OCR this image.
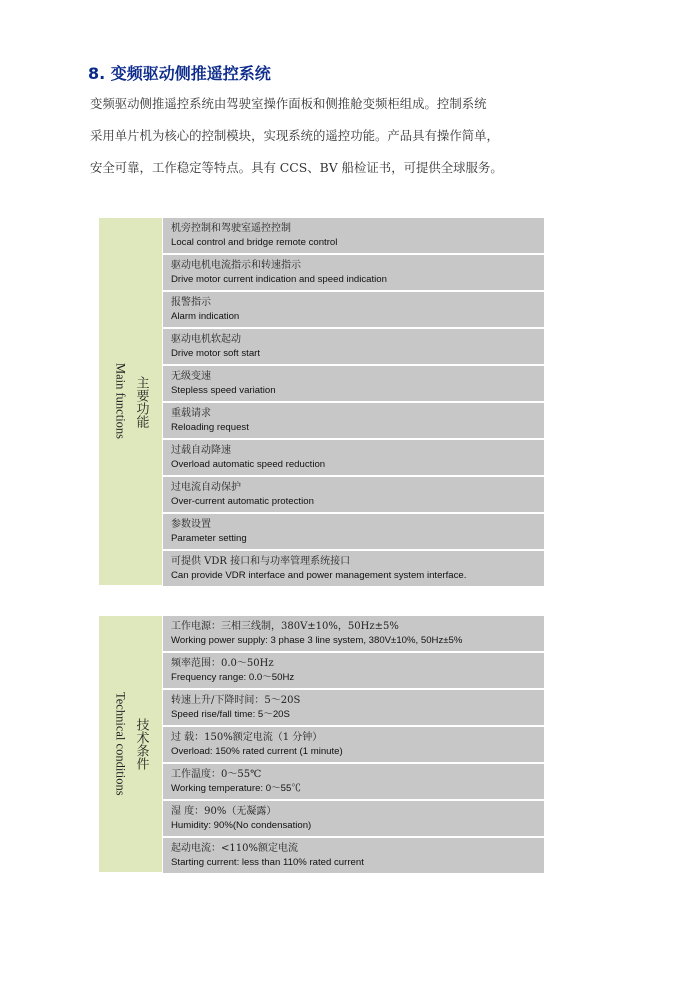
8. 变频驱动侧推遥控系统

变频驱动侧推遥控系统由驾驶室操作面板和侧推舱变频柜组成。控制系统

采用单片机为核心的控制模块，实现系统的遥控功能。产品具有操作简单，

安全可靠，工作稳定等特点。具有 CCS、BV 船检证书，可提供全球服务。

主要功能
Main functions
机旁控制和驾驶室遥控控制
Local control and bridge remote control
驱动电机电流指示和转速指示
Drive motor current indication and speed indication
报警指示
Alarm indication
驱动电机软起动
Drive motor soft start
无级变速
Stepless speed variation
重载请求
Reloading request
过载自动降速
Overload automatic speed reduction
过电流自动保护
Over-current automatic protection
参数设置
Parameter setting
可提供 VDR 接口和与功率管理系统接口
Can provide VDR interface and power management system interface.
技术条件
Technical conditions
工作电源：三相三线制，380V±10%，50Hz±5%
Working power supply: 3 phase 3 line system, 380V±10%, 50Hz±5%
频率范围：0.0～50Hz
Frequency range: 0.0～50Hz
转速上升/下降时间：5～20S
Speed rise/fall time: 5～20S
过 载：150%额定电流（1 分钟）
Overload: 150% rated current (1 minute)
工作温度：0～55℃
Working temperature: 0～55℃
湿 度：90%（无凝露）
Humidity: 90%(No condensation)
起动电流：<110%额定电流
Starting current: less than 110% rated current
